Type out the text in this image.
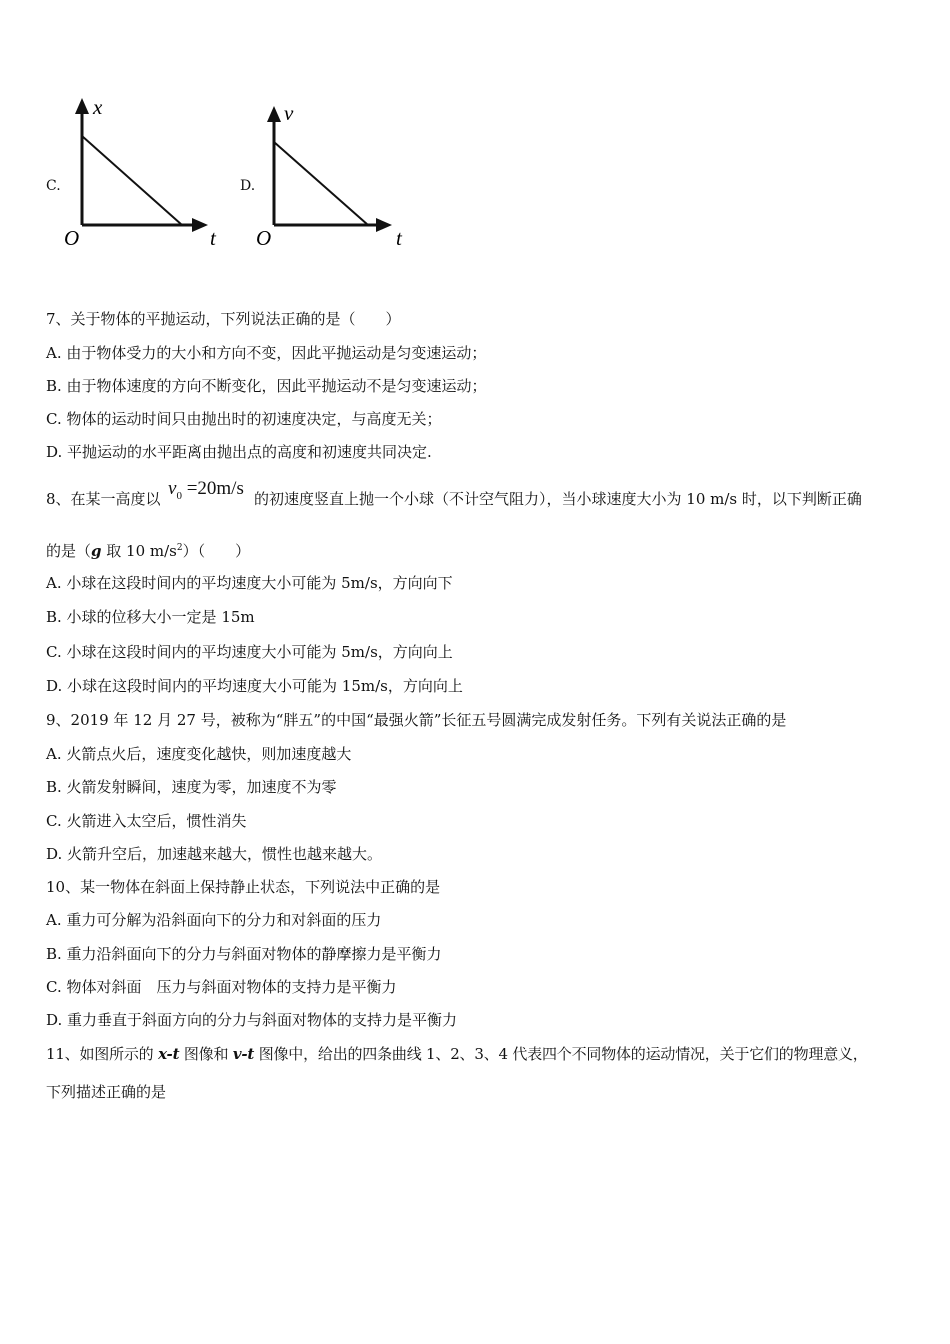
C.
x
O	t
D.
v
O	t
7、关于物体的平抛运动，下列说法正确的是（　　）
A. 由于物体受力的大小和方向不变，因此平抛运动是匀变速运动；
B. 由于物体速度的方向不断变化，因此平抛运动不是匀变速运动；
C. 物体的运动时间只由抛出时的初速度决定，与高度无关；
D. 平抛运动的水平距离由抛出点的高度和初速度共同决定.
8、在某一高度以 $v_0 =20m/s$ 的初速度竖直上抛一个小球（不计空气阻力），当小球速度大小为 10 m/s 时，以下判断正确
的是（g 取 10 $m/s^2$）（　　）
A. 小球在这段时间内的平均速度大小可能为 5m/s，方向向下
B. 小球的位移大小一定是 15m
C. 小球在这段时间内的平均速度大小可能为 5m/s，方向向上
D. 小球在这段时间内的平均速度大小可能为 15m/s，方向向上
9、2019 年 12 月 27 号，被称为“胖五”的中国“最强火箭”长征五号圆满完成发射任务。下列有关说法正确的是
A. 火箭点火后，速度变化越快，则加速度越大
B. 火箭发射瞬间，速度为零，加速度不为零
C. 火箭进入太空后，惯性消失
D. 火箭升空后，加速越来越大，惯性也越来越大。
10、某一物体在斜面上保持静止状态，下列说法中正确的是
A. 重力可分解为沿斜面向下的分力和对斜面的压力
B. 重力沿斜面向下的分力与斜面对物体的静摩擦力是平衡力
C. 物体对斜面　压力与斜面对物体的支持力是平衡力
D. 重力垂直于斜面方向的分力与斜面对物体的支持力是平衡力
11、如图所示的 x-t 图像和 v-t 图像中，给出的四条曲线 1、2、3、4 代表四个不同物体的运动情况，关于它们的物理意义，
下列描述正确的是
